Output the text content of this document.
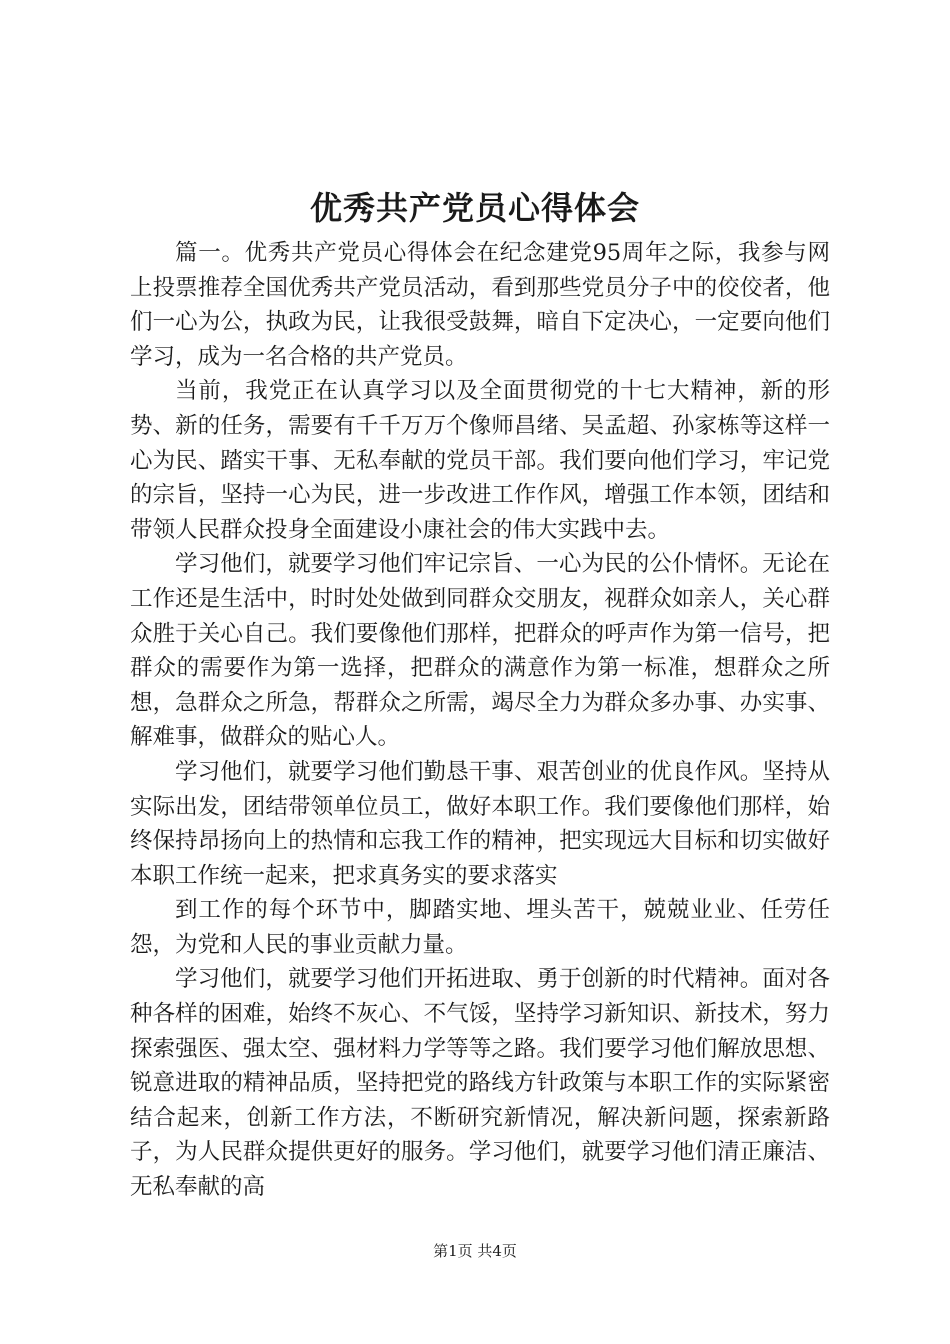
优秀共产党员心得体会

篇一。优秀共产党员心得体会在纪念建党95周年之际，我参与网上投票推荐全国优秀共产党员活动，看到那些党员分子中的佼佼者，他们一心为公，执政为民，让我很受鼓舞，暗自下定决心，一定要向他们学习，成为一名合格的共产党员。

当前，我党正在认真学习以及全面贯彻党的十七大精神，新的形势、新的任务，需要有千千万万个像师昌绪、吴孟超、孙家栋等这样一心为民、踏实干事、无私奉献的党员干部。我们要向他们学习，牢记党的宗旨，坚持一心为民，进一步改进工作作风，增强工作本领，团结和带领人民群众投身全面建设小康社会的伟大实践中去。

学习他们，就要学习他们牢记宗旨、一心为民的公仆情怀。无论在工作还是生活中，时时处处做到同群众交朋友，视群众如亲人，关心群众胜于关心自己。我们要像他们那样，把群众的呼声作为第一信号，把群众的需要作为第一选择，把群众的满意作为第一标准，想群众之所想，急群众之所急，帮群众之所需，竭尽全力为群众多办事、办实事、解难事，做群众的贴心人。

学习他们，就要学习他们勤恳干事、艰苦创业的优良作风。坚持从实际出发，团结带领单位员工，做好本职工作。我们要像他们那样，始终保持昂扬向上的热情和忘我工作的精神，把实现远大目标和切实做好本职工作统一起来，把求真务实的要求落实

到工作的每个环节中，脚踏实地、埋头苦干，兢兢业业、任劳任怨，为党和人民的事业贡献力量。

学习他们，就要学习他们开拓进取、勇于创新的时代精神。面对各种各样的困难，始终不灰心、不气馁，坚持学习新知识、新技术，努力探索强医、强太空、强材料力学等等之路。我们要学习他们解放思想、锐意进取的精神品质，坚持把党的路线方针政策与本职工作的实际紧密结合起来，创新工作方法，不断研究新情况，解决新问题，探索新路子，为人民群众提供更好的服务。学习他们，就要学习他们清正廉洁、无私奉献的高

第1页 共4页
